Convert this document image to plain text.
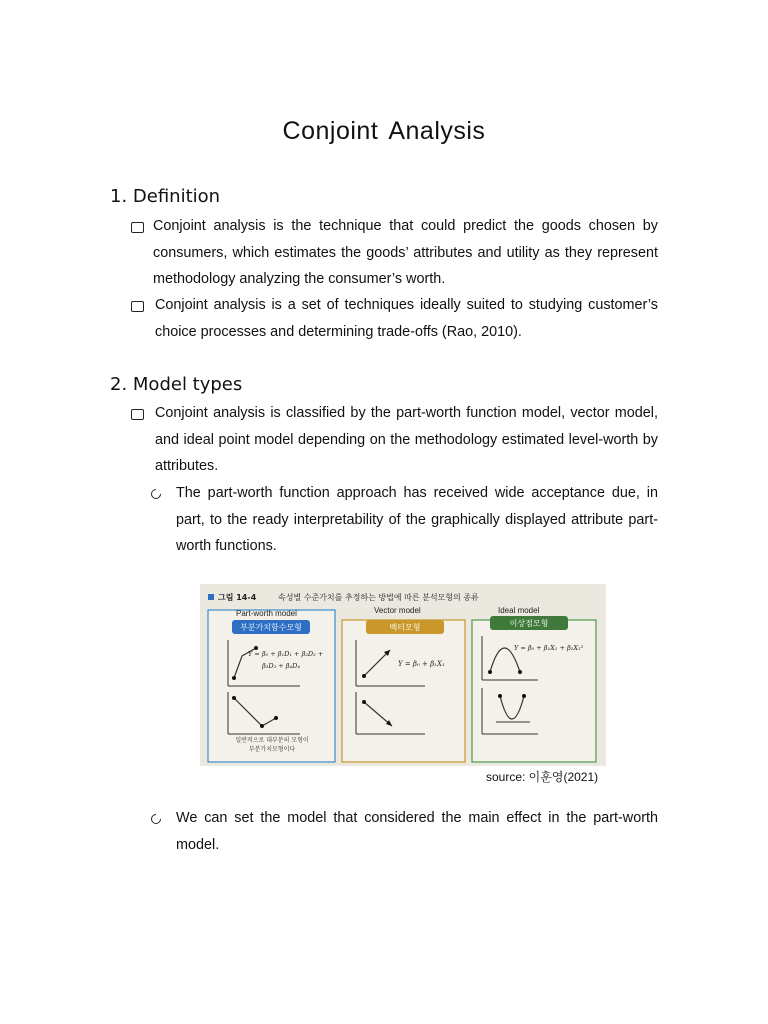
Conjoint Analysis
1. Definition
Conjoint analysis is the technique that could predict the goods chosen by consumers, which estimates the goods’ attributes and utility as they represent methodology analyzing the consumer’s worth.
Conjoint analysis is a set of techniques ideally suited to studying customer’s choice processes and determining trade-offs (Rao, 2010).
2. Model types
Conjoint analysis is classified by the part-worth function model, vector model, and ideal point model depending on the methodology estimated level-worth by attributes.
The part-worth function approach has received wide acceptance due, in part, to the ready interpretability of the graphically displayed attribute part-worth functions.
그림 14-4	속성별 수준가치를 추정하는 방법에 따른 분석모형의 종류
Part-worth model
부분가치함수모형
Y = β₀ + β₁D₁ + β₂D₂ +
β₃D₃ + β₄D₄
일반적으로 대부분의 모형이
부분가치모형이다
Vector model
벡터모형
Y = β₀ + β₁X₁
Ideal model
이상점모형
Y = β₀ + β₁X₁ + β₂X₁²
source: 이훈영(2021)
We can set the model that considered the main effect in the part-worth model.
